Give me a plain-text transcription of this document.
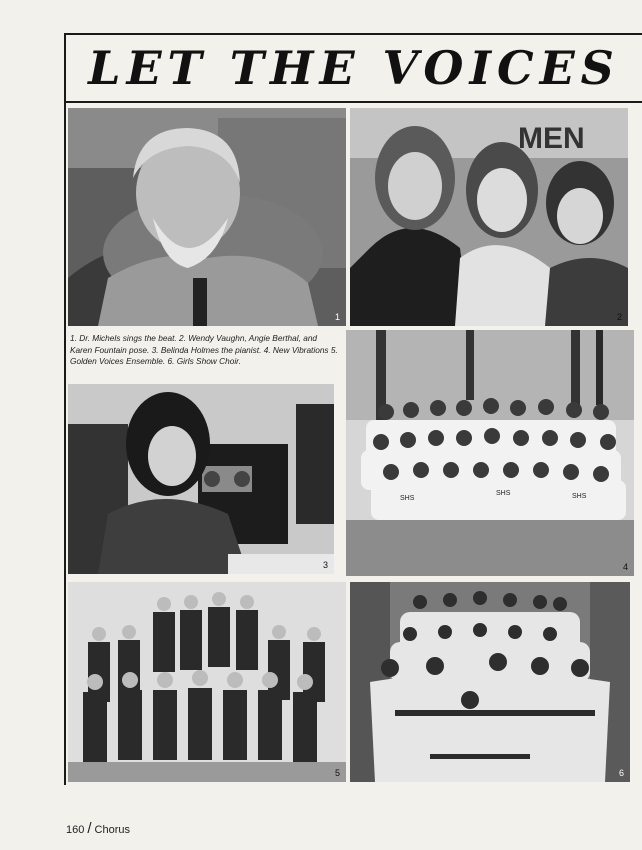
LET THE VOICES
1
MEN
2
1. Dr. Michels sings the beat. 2. Wendy Vaughn, Angie Berthal, and Karen Fountain pose. 3. Belinda Holmes the pianist. 4. New Vibrations 5. Golden Voices Ensemble. 6. Girls Show Choir.
3
SHS
SHS	SHS
4
5	6
160 / Chorus
